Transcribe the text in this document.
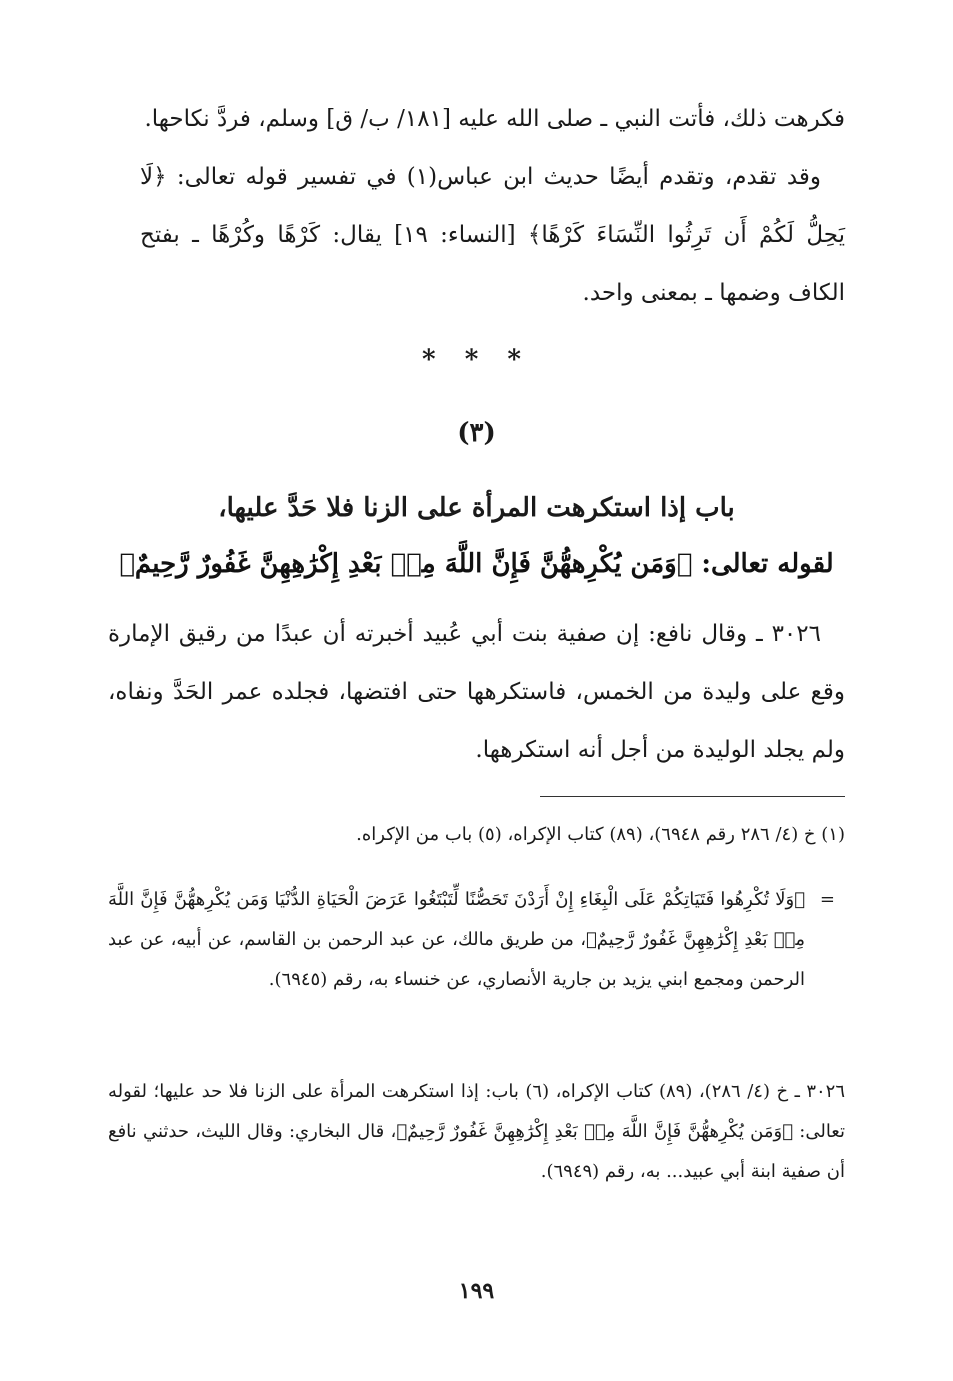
فكرهت ذلك، فأتت النبي ـ صلى الله عليه [١٨١/ ب/ ق] وسلم، فردَّ نكاحها.

وقد تقدم، وتقدم أيضًا حديث ابن عباس(١) في تفسير قوله تعالى: ﴿لَا يَحِلُّ لَكُمْ أَن تَرِثُوا النِّسَاءَ كَرْهًا﴾ [النساء: ١٩] يقال: كَرْهًا وكُرْهًا ـ بفتح الكاف وضمها ـ بمعنى واحد.

* * *
(٣)
باب إذا استكرهت المرأة على الزنا فلا حَدَّ عليها،
لقوله تعالى: ﴿وَمَن يُكْرِههُّنَّ فَإِنَّ اللَّهَ مِنۢ بَعْدِ إِكْرَٰهِهِنَّ غَفُورٌ رَّحِيمٌ﴾

٣٠٢٦ ـ وقال نافع: إن صفية بنت أبي عُبيد أخبرته أن عبدًا من رقيق الإمارة وقع على وليدة من الخمس، فاستكرهها حتى افتضها، فجلده عمر الحَدَّ ونفاه، ولم يجلد الوليدة من أجل أنه استكرهها.

(١) خ (٤/ ٢٨٦ رقم ٦٩٤٨)، (٨٩) كتاب الإكراه، (٥) باب من الإكراه.
=
﴿وَلَا تُكْرِهُوا فَتَيَاتِكُمْ عَلَى الْبِغَاءِ إِنْ أَرَدْنَ تَحَصُّنًا لِّتَبْتَغُوا عَرَضَ الْحَيَاةِ الدُّنْيَا وَمَن يُكْرِههُّنَّ فَإِنَّ اللَّهَ مِنۢ بَعْدِ إِكْرَٰهِهِنَّ غَفُورٌ رَّحِيمٌ﴾، من طريق مالك، عن عبد الرحمن بن القاسم، عن أبيه، عن عبد الرحمن ومجمع ابني يزيد بن جارية الأنصاري، عن خنساء به، رقم (٦٩٤٥).
٣٠٢٦ ـ خ (٤/ ٢٨٦)، (٨٩) كتاب الإكراه، (٦) باب: إذا استكرهت المرأة على الزنا فلا حد عليها؛ لقوله تعالى: ﴿وَمَن يُكْرِههُّنَّ فَإِنَّ اللَّهَ مِنۢ بَعْدِ إِكْرَٰهِهِنَّ غَفُورٌ رَّحِيمٌ﴾، قال البخاري: وقال الليث، حدثني نافع أن صفية ابنة أبي عبيد... به، رقم (٦٩٤٩).
١٩٩
